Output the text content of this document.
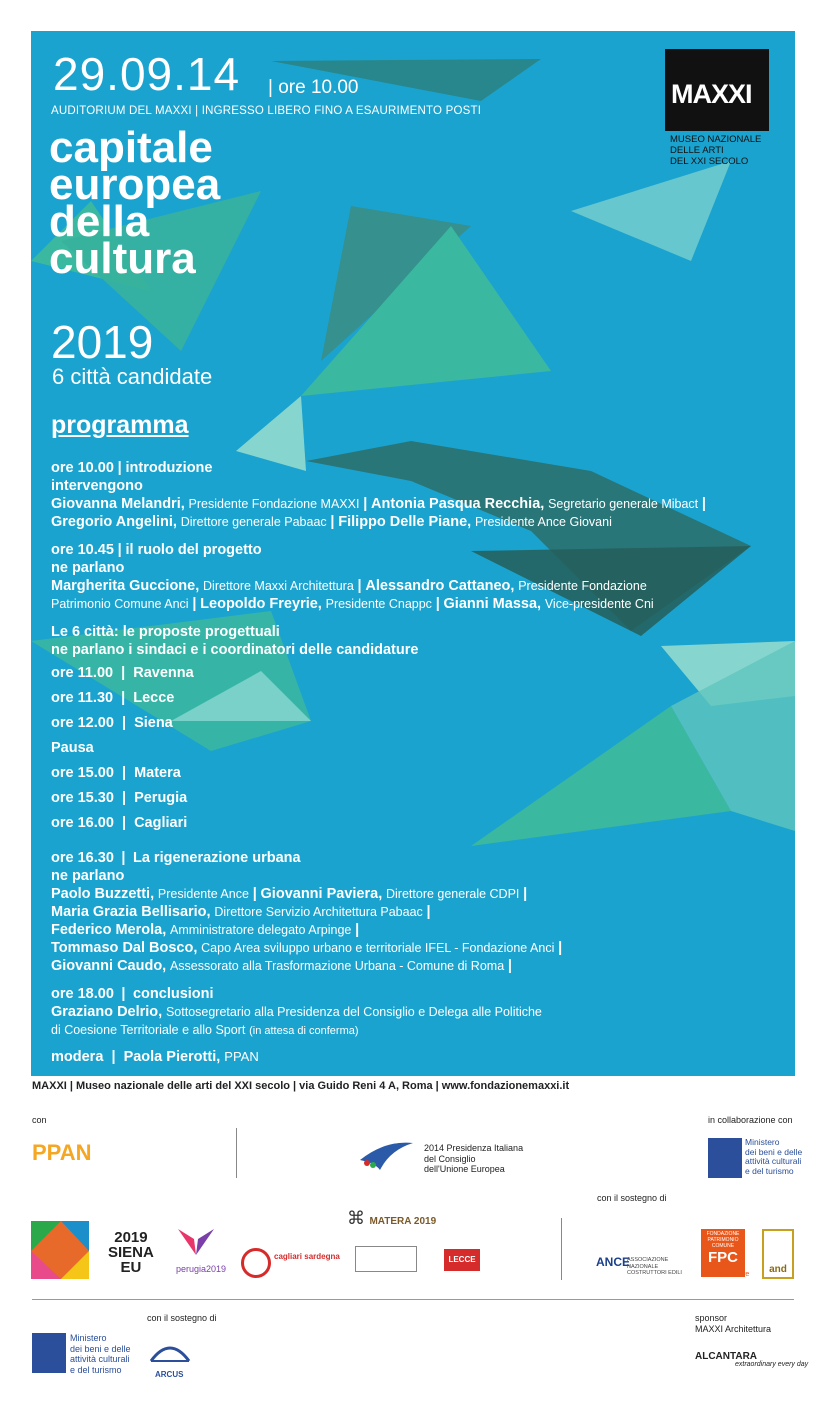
29.09.14 | ore 10.00
AUDITORIUM DEL MAXXI | INGRESSO LIBERO FINO A ESAURIMENTO POSTI
capitale
europea
della
cultura
2019
6 città candidate
MAXXI
MUSEO NAZIONALE
DELLE ARTI
DEL XXI SECOLO
programma
ore 10.00 | introduzione
intervengono
Giovanna Melandri, Presidente Fondazione MAXXI | Antonia Pasqua Recchia, Segretario generale Mibact |
Gregorio Angelini, Direttore generale Pabaac | Filippo Delle Piane, Presidente Ance Giovani
ore 10.45 | il ruolo del progetto
ne parlano
Margherita Guccione, Direttore Maxxi Architettura | Alessandro Cattaneo, Presidente Fondazione
Patrimonio Comune Anci | Leopoldo Freyrie, Presidente Cnappc | Gianni Massa, Vice-presidente Cni
Le 6 città: le proposte progettuali
ne parlano i sindaci e i coordinatori delle candidature
ore 11.00  |  Ravenna
ore 11.30  |  Lecce
ore 12.00  |  Siena
Pausa
ore 15.00  |  Matera
ore 15.30  |  Perugia
ore 16.00  |  Cagliari
ore 16.30 | La rigenerazione urbana
ne parlano
Paolo Buzzetti, Presidente Ance | Giovanni Paviera, Direttore generale CDPI |
Maria Grazia Bellisario, Direttore Servizio Architettura Pabaac |
Federico Merola, Amministratore delegato Arpinge |
Tommaso Dal Bosco, Capo Area sviluppo urbano e territoriale IFEL - Fondazione Anci |
Giovanni Caudo, Assessorato alla Trasformazione Urbana - Comune di Roma |
ore 18.00 | conclusioni
Graziano Delrio, Sottosegretario alla Presidenza del Consiglio e Delega alle Politiche
di Coesione Territoriale e allo Sport (in attesa di conferma)
modera  |  Paola Pierotti, PPAN
MAXXI | Museo nazionale delle arti del XXI secolo | via Guido Reni 4 A, Roma | www.fondazionemaxxi.it
con	in collaborazione con
PPAN	2014 Presidenza Italiana
del Consiglio
dell'Unione Europea
Ministero
dei beni e delle
attività culturali
e del turismo
con il sostegno di
2019
SIENA
EU	perugia2019
cagliari sardegna
⌘ MATERA 2019
LECCE 2019
ANCE
ASSOCIAZIONE NAZIONALE COSTRUTTORI EDILI
FONDAZIONE
PATRIMONIO
COMUNE
FPC
creando valore	and
con il sostegno di	sponsor
MAXXI Architettura
Ministero
dei beni e delle
attività culturali
e del turismo	ARCUS
ALCANTARA
extraordinary every day
